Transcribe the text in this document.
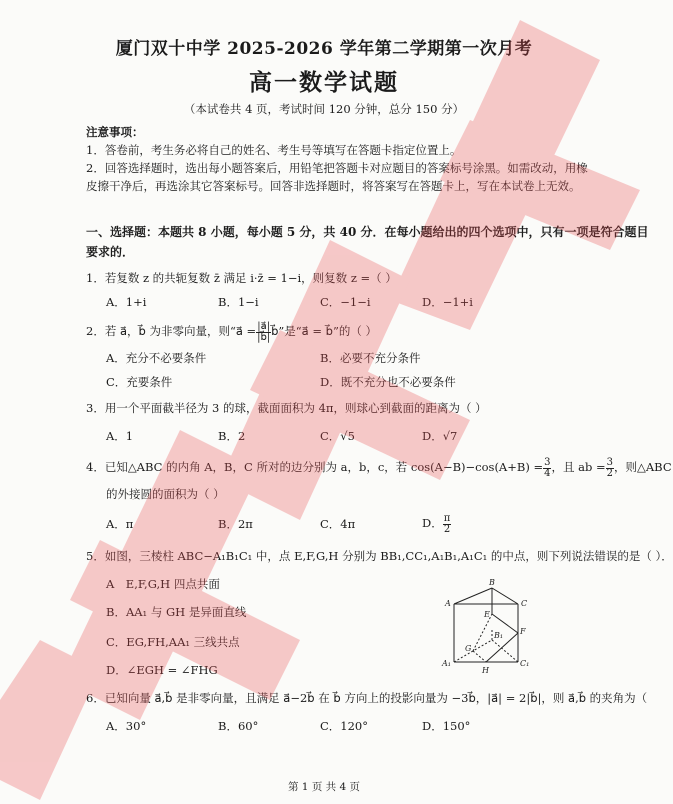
厦门双十中学 2025-2026 学年第二学期第一次月考
高一数学试题
（本试卷共 4 页，考试时间 120 分钟，总分 150 分）
注意事项：
1．答卷前，考生务必将自己的姓名、考生号等填写在答题卡指定位置上。
2．回答选择题时，选出每小题答案后，用铅笔把答题卡对应题目的答案标号涂黑。如需改动，用橡
皮擦干净后，再选涂其它答案标号。回答非选择题时，将答案写在答题卡上，写在本试卷上无效。
一、选择题：本题共 8 小题，每小题 5 分，共 40 分．在每小题给出的四个选项中，只有一项是符合题目
要求的．
1．若复数 z 的共轭复数 z̄ 满足 i·z̄ = 1−i，则复数 z =（ ）
A．1+i	B．1−i	C．−1−i	D．−1+i
2．若 a⃗，b⃗ 为非零向量，则“a⃗ = $\frac{|a⃗|}{|b⃗|}$ b⃗”是“a⃗ = b⃗”的（ ）
A．充分不必要条件	B．必要不充分条件
C．充要条件	D．既不充分也不必要条件
3．用一个平面截半径为 3 的球，截面面积为 4π，则球心到截面的距离为（ ）
A．1	B．2	C．√5	D．√7
4．已知△ABC 的内角 A，B，C 所对的边分别为 a，b，c，若 $\cos(A-B)-\cos(A+B) = \frac{3}{4}$ ，且 ab = $\frac{3}{2}$ ，则△ABC
的外接圆的面积为（ ）
A．π	B．2π	C．4π	D． $\frac{\pi}{2}$
5．如图，三棱柱 ABC−A₁B₁C₁ 中，点 E,F,G,H 分别为 BB₁,CC₁,A₁B₁,A₁C₁ 的中点，则下列说法错误的是（ ）．
A　E,F,G,H 四点共面
B．AA₁ 与 GH 是异面直线
C．EG,FH,AA₁ 三线共点
D．∠EGH = ∠FHG
A
B
C
E
B₁ F
G
A₁	C₁
H
6．已知向量 a⃗,b⃗ 是非零向量，且满足 a⃗−2b⃗ 在 b⃗ 方向上的投影向量为 −3b⃗，|a⃗| = 2|b⃗|，则 a⃗,b⃗ 的夹角为（
A．30°	B．60°	C．120°	D．150°
第 1 页 共 4 页
